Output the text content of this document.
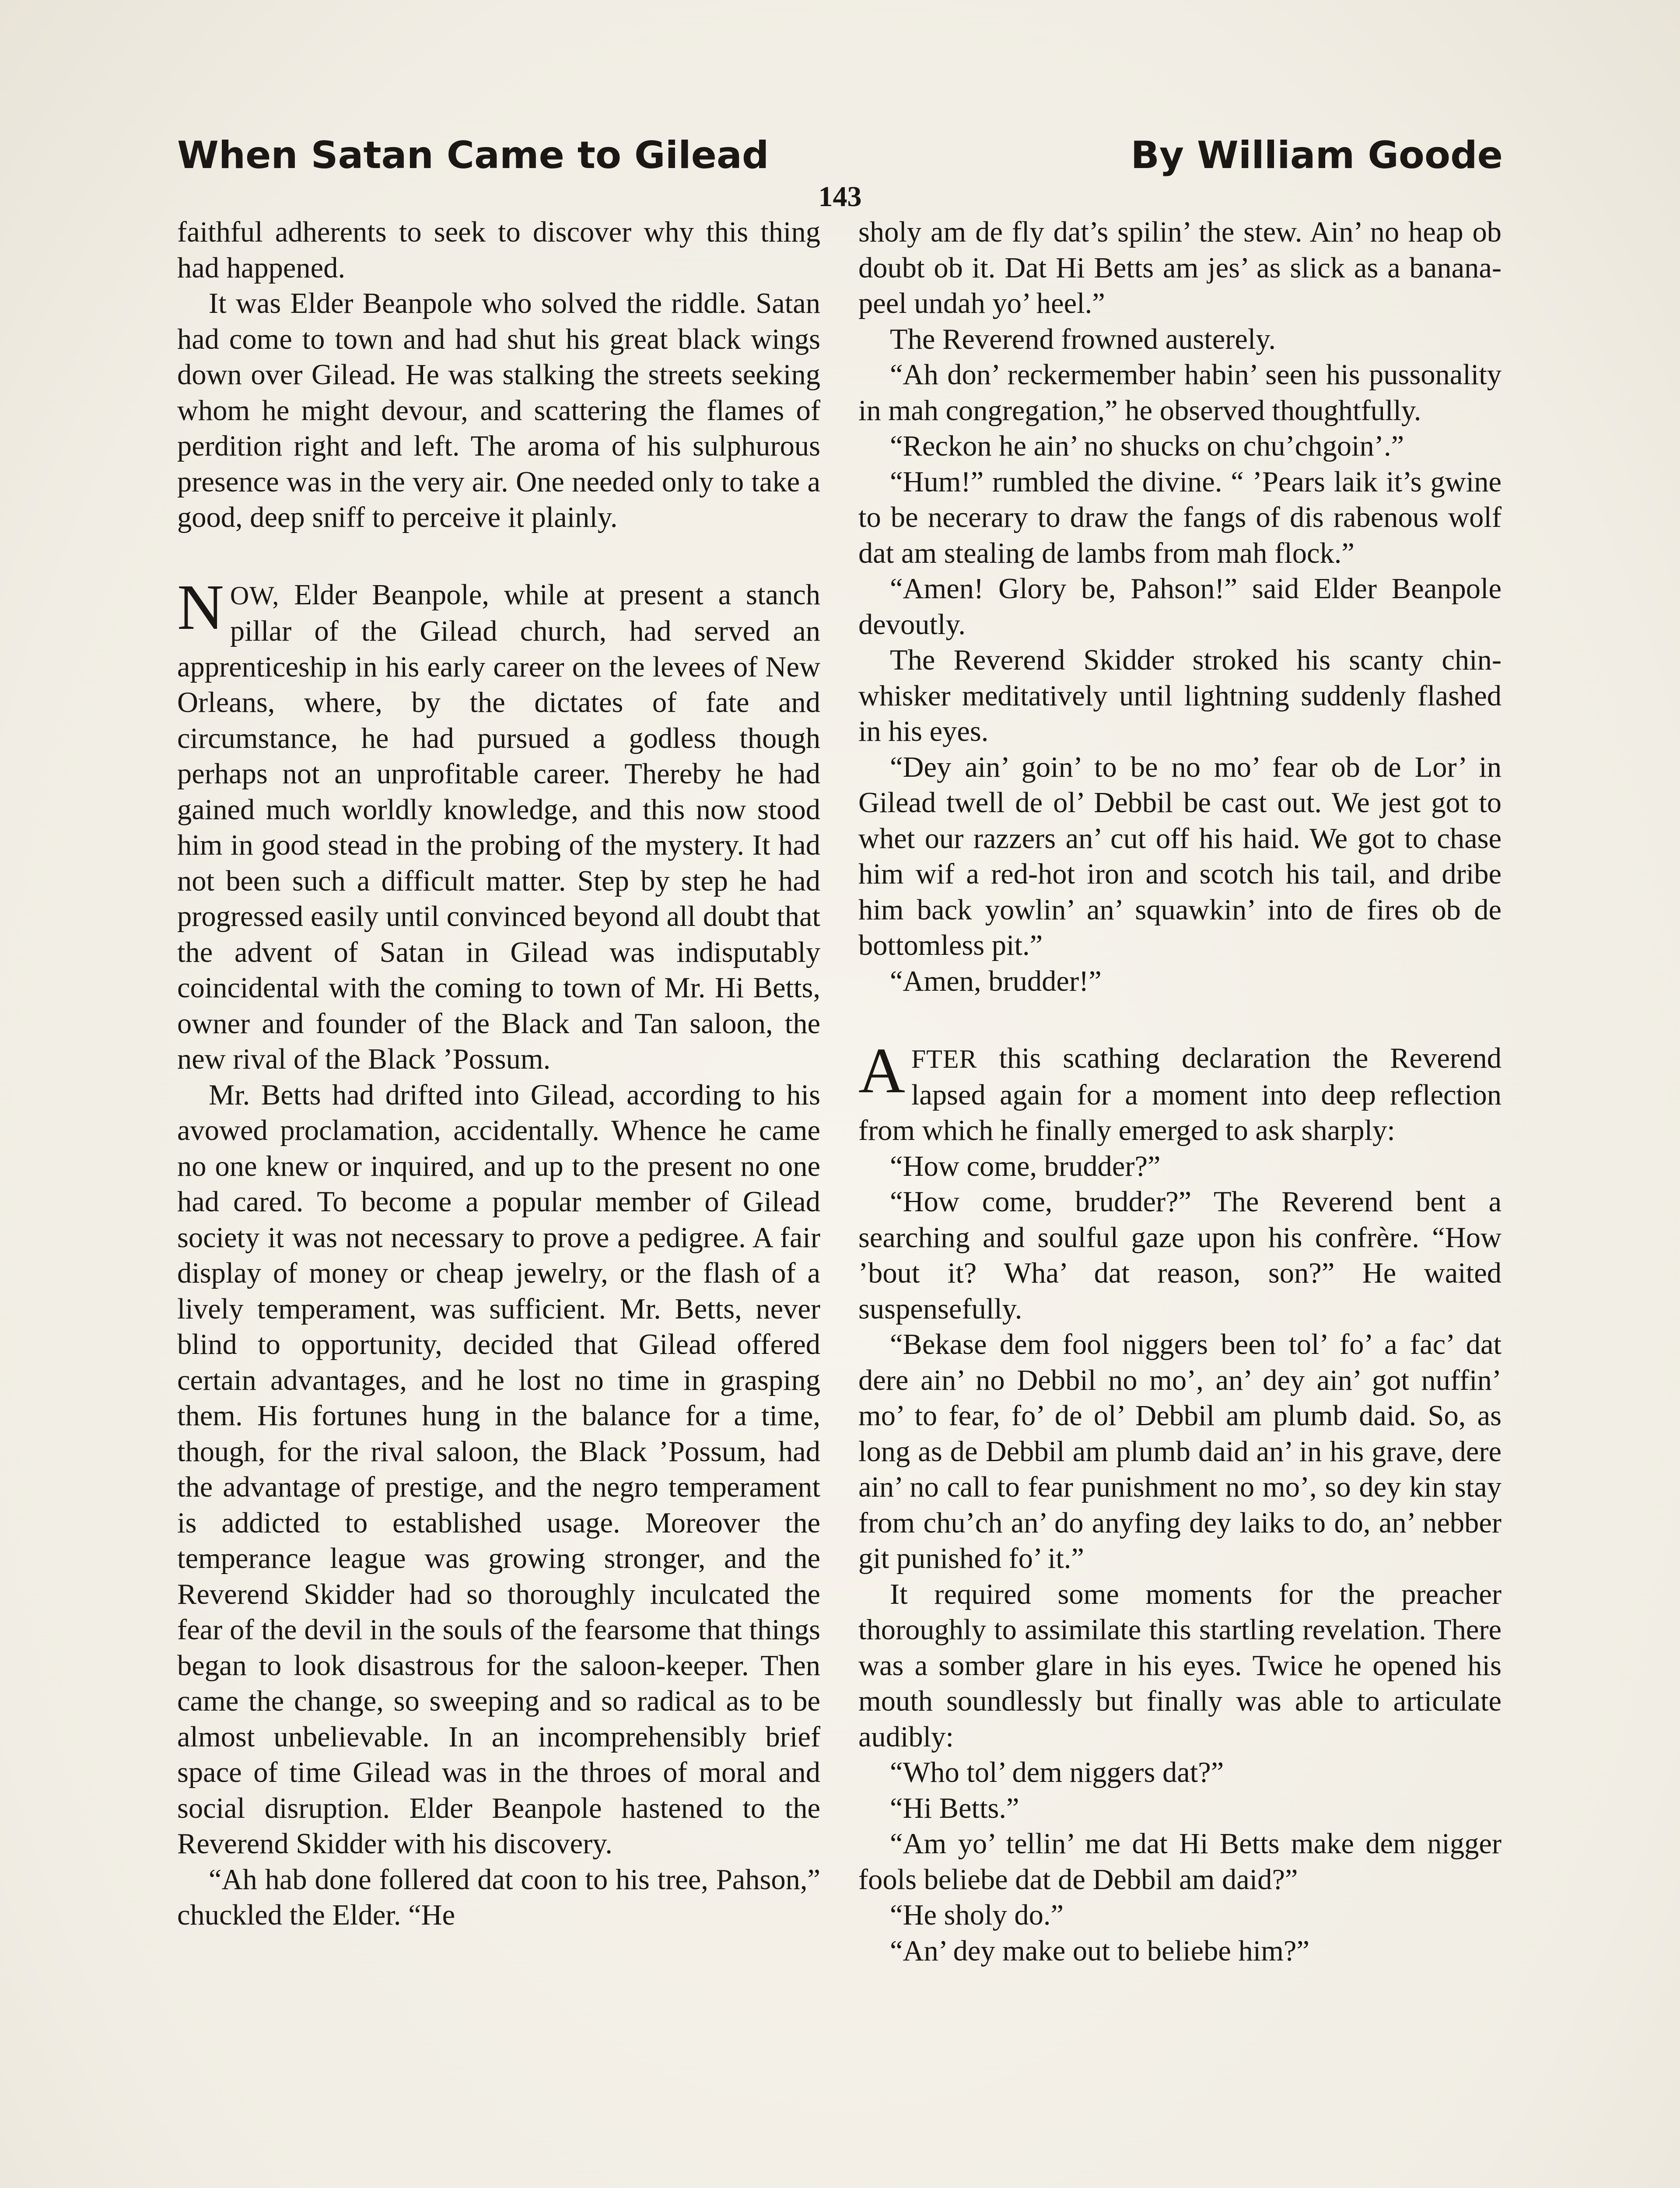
When Satan Came to Gilead	By William Goode
143

faithful adherents to seek to discover why this thing had happened.

It was Elder Beanpole who solved the riddle. Satan had come to town and had shut his great black wings down over Gilead. He was stalking the streets seeking whom he might devour, and scattering the flames of perdition right and left. The aroma of his sulphurous presence was in the very air. One needed only to take a good, deep sniff to perceive it plainly.

NOW, Elder Beanpole, while at present a stanch pillar of the Gilead church, had served an apprenticeship in his early career on the levees of New Orleans, where, by the dictates of fate and circumstance, he had pursued a godless though perhaps not an unprofitable career. Thereby he had gained much worldly knowledge, and this now stood him in good stead in the probing of the mystery. It had not been such a difficult matter. Step by step he had progressed easily until convinced beyond all doubt that the advent of Satan in Gilead was indisputably coincidental with the coming to town of Mr. Hi Betts, owner and founder of the Black and Tan saloon, the new rival of the Black ’Possum.

Mr. Betts had drifted into Gilead, according to his avowed proclamation, accidentally. Whence he came no one knew or inquired, and up to the present no one had cared. To become a popular member of Gilead society it was not necessary to prove a pedigree. A fair display of money or cheap jewelry, or the flash of a lively temperament, was sufficient. Mr. Betts, never blind to opportunity, decided that Gilead offered certain advantages, and he lost no time in grasping them. His fortunes hung in the balance for a time, though, for the rival saloon, the Black ’Possum, had the advantage of prestige, and the negro temperament is addicted to established usage. Moreover the temperance league was growing stronger, and the Reverend Skidder had so thoroughly inculcated the fear of the devil in the souls of the fearsome that things began to look disastrous for the saloon-keeper. Then came the change, so sweeping and so radical as to be almost unbelievable. In an incomprehensibly brief space of time Gilead was in the throes of moral and social disruption. Elder Beanpole hastened to the Reverend Skidder with his discovery.

“Ah hab done follered dat coon to his tree, Pahson,” chuckled the Elder. “He

sholy am de fly dat’s spilin’ the stew. Ain’ no heap ob doubt ob it. Dat Hi Betts am jes’ as slick as a banana-peel undah yo’ heel.”

The Reverend frowned austerely.

“Ah don’ reckermember habin’ seen his pussonality in mah congregation,” he observed thoughtfully.

“Reckon he ain’ no shucks on chu’chgoin’.”

“Hum!” rumbled the divine. “ ’Pears laik it’s gwine to be necerary to draw the fangs of dis rabenous wolf dat am stealing de lambs from mah flock.”

“Amen! Glory be, Pahson!” said Elder Beanpole devoutly.

The Reverend Skidder stroked his scanty chin-whisker meditatively until lightning suddenly flashed in his eyes.

“Dey ain’ goin’ to be no mo’ fear ob de Lor’ in Gilead twell de ol’ Debbil be cast out. We jest got to whet our razzers an’ cut off his haid. We got to chase him wif a red-hot iron and scotch his tail, and dribe him back yowlin’ an’ squawkin’ into de fires ob de bottomless pit.”

“Amen, brudder!”

AFTER this scathing declaration the Reverend lapsed again for a moment into deep reflection from which he finally emerged to ask sharply:

“How come, brudder?”

“How come, brudder?” The Reverend bent a searching and soulful gaze upon his confrère. “How ’bout it? Wha’ dat reason, son?” He waited suspensefully.

“Bekase dem fool niggers been tol’ fo’ a fac’ dat dere ain’ no Debbil no mo’, an’ dey ain’ got nuffin’ mo’ to fear, fo’ de ol’ Debbil am plumb daid. So, as long as de Debbil am plumb daid an’ in his grave, dere ain’ no call to fear punishment no mo’, so dey kin stay from chu’ch an’ do anyfing dey laiks to do, an’ nebber git punished fo’ it.”

It required some moments for the preacher thoroughly to assimilate this startling revelation. There was a somber glare in his eyes. Twice he opened his mouth soundlessly but finally was able to articulate audibly:

“Who tol’ dem niggers dat?”

“Hi Betts.”

“Am yo’ tellin’ me dat Hi Betts make dem nigger fools beliebe dat de Debbil am daid?”

“He sholy do.”

“An’ dey make out to beliebe him?”
